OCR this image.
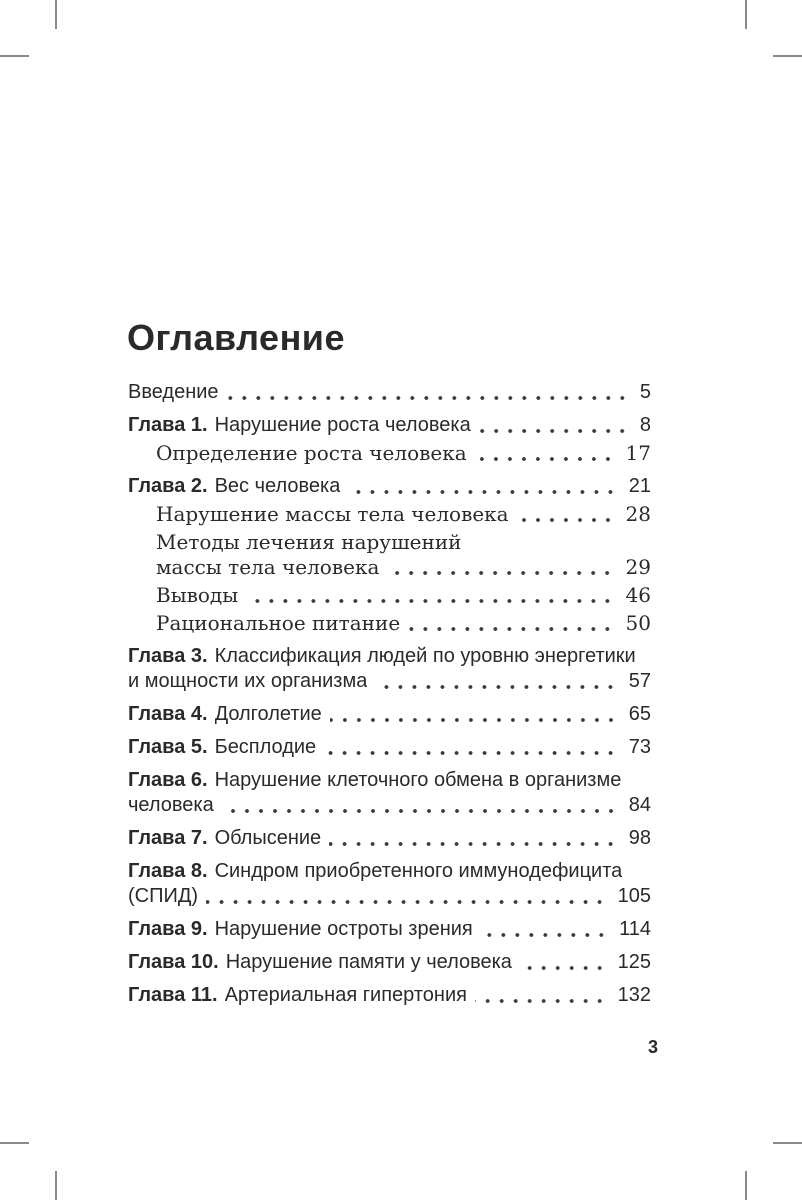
Оглавление
Введение	5
Глава 1. Нарушение роста человека	8
Определение роста человека	17
Глава 2. Вес человека	21
Нарушение массы тела человека	28
Методы лечения нарушений
массы тела человека	29
Выводы	46
Рациональное питание	50
Глава 3. Классификация людей по уровню энергетики
и мощности их организма	57
Глава 4. Долголетие	65
Глава 5. Бесплодие	73
Глава 6. Нарушение клеточного обмена в организме
человека	84
Глава 7. Облысение	98
Глава 8. Синдром приобретенного иммунодефицита
(СПИД)	105
Глава 9. Нарушение остроты зрения	114
Глава 10. Нарушение памяти у человека	125
Глава 11. Артериальная гипертония	132
3
